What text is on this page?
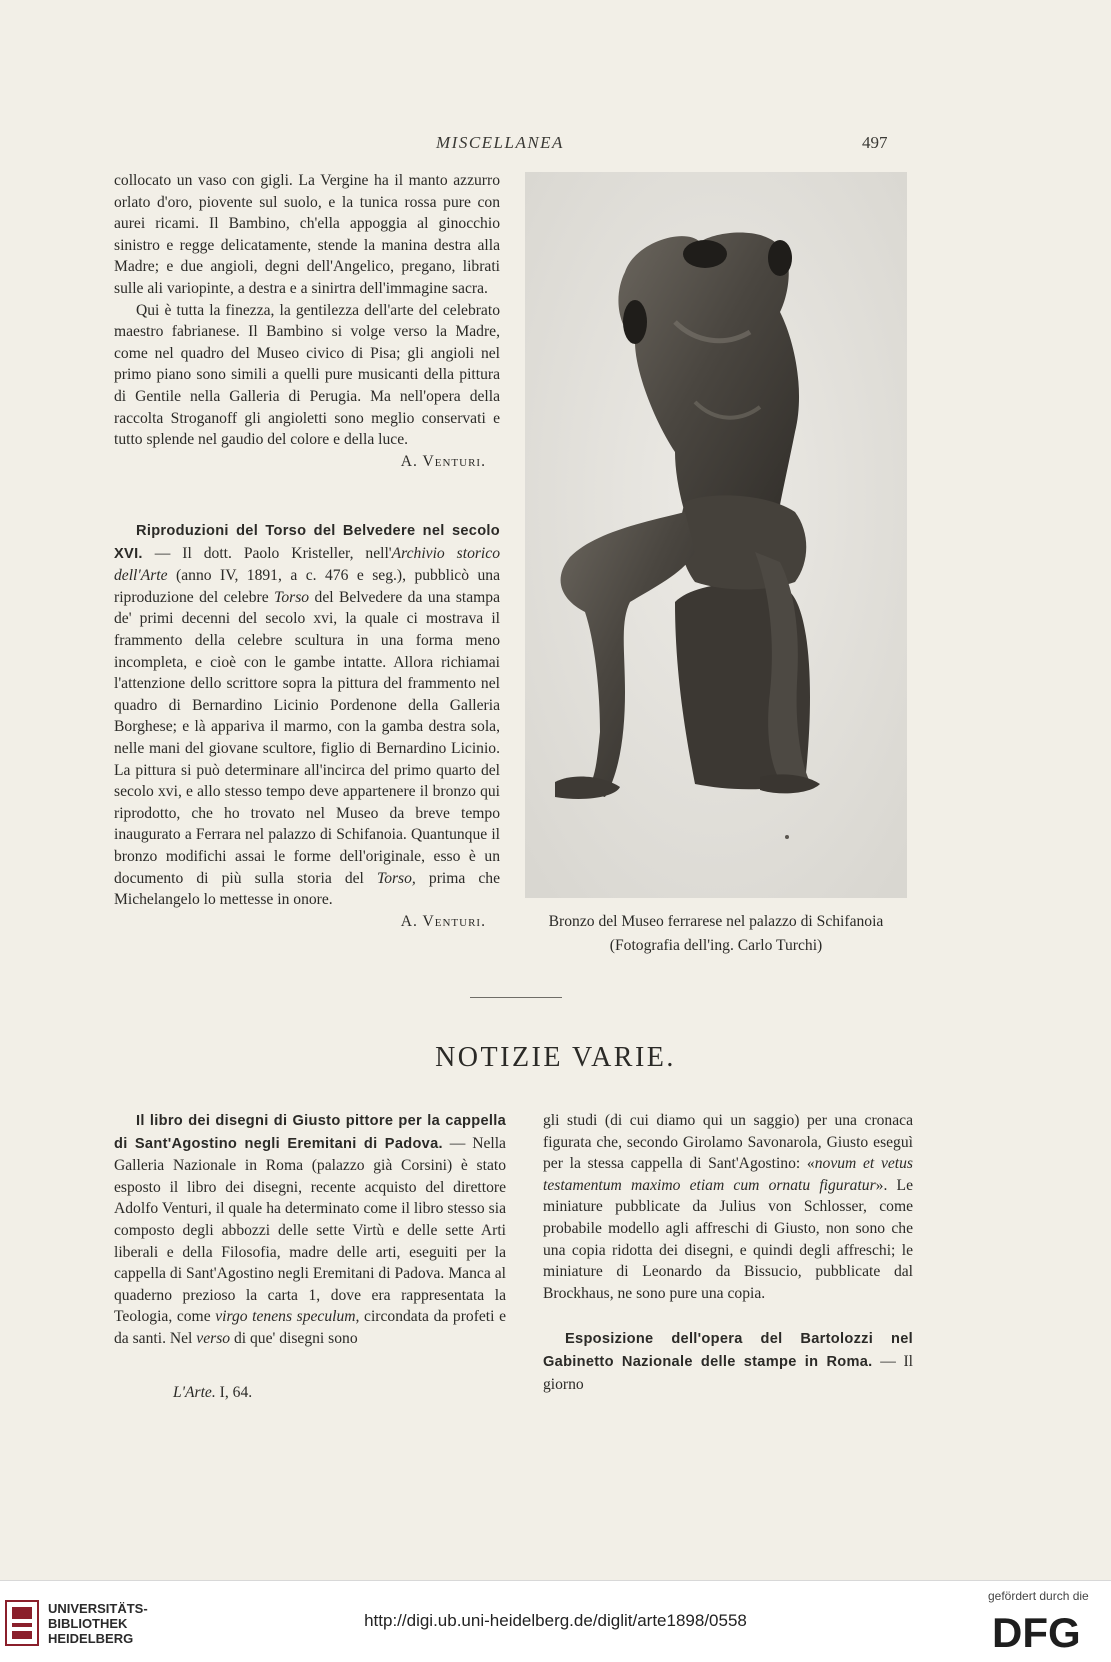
MISCELLANEA	497

collocato un vaso con gigli. La Vergine ha il manto azzurro orlato d'oro, piovente sul suolo, e la tunica rossa pure con aurei ricami. Il Bambino, ch'ella appoggia al ginocchio sinistro e regge delicatamente, stende la manina destra alla Madre; e due angioli, degni dell'Angelico, pregano, librati sulle ali variopinte, a destra e a sinirtra dell'immagine sacra.

Qui è tutta la finezza, la gentilezza dell'arte del celebrato maestro fabrianese. Il Bambino si volge verso la Madre, come nel quadro del Museo civico di Pisa; gli angioli nel primo piano sono simili a quelli pure musicanti della pittura di Gentile nella Galleria di Perugia. Ma nell'opera della raccolta Stroganoff gli angioletti sono meglio conservati e tutto splende nel gaudio del colore e della luce.

A. Venturi.

Riproduzioni del Torso del Belvedere nel secolo XVI. — Il dott. Paolo Kristeller, nell'Archivio storico dell'Arte (anno IV, 1891, a c. 476 e seg.), pubblicò una riproduzione del celebre Torso del Belvedere da una stampa de' primi decenni del secolo xvi, la quale ci mostrava il frammento della celebre scultura in una forma meno incompleta, e cioè con le gambe intatte. Allora richiamai l'attenzione dello scrittore sopra la pittura del frammento nel quadro di Bernardino Licinio Pordenone della Galleria Borghese; e là appariva il marmo, con la gamba destra sola, nelle mani del giovane scultore, figlio di Bernardino Licinio. La pittura si può determinare all'incirca del primo quarto del secolo xvi, e allo stesso tempo deve appartenere il bronzo qui riprodotto, che ho trovato nel Museo da breve tempo inaugurato a Ferrara nel palazzo di Schifanoia. Quantunque il bronzo modifichi assai le forme dell'originale, esso è un documento di più sulla storia del Torso, prima che Michelangelo lo mettesse in onore.

A. Venturi.	Bronzo del Museo ferrarese nel palazzo di Schifanoia

(Fotografia dell'ing. Carlo Turchi)

NOTIZIE VARIE.

Il libro dei disegni di Giusto pittore per la cappella di Sant'Agostino negli Eremitani di Padova. — Nella Galleria Nazionale in Roma (palazzo già Corsini) è stato esposto il libro dei disegni, recente acquisto del direttore Adolfo Venturi, il quale ha determinato come il libro stesso sia composto degli abbozzi delle sette Virtù e delle sette Arti liberali e della Filosofia, madre delle arti, eseguiti per la cappella di Sant'Agostino negli Eremitani di Padova. Manca al quaderno prezioso la carta 1, dove era rappresentata la Teologia, come virgo tenens speculum, circondata da profeti e da santi. Nel verso di que' disegni sono

gli studi (di cui diamo qui un saggio) per una cronaca figurata che, secondo Girolamo Savonarola, Giusto eseguì per la stessa cappella di Sant'Agostino: «novum et vetus testamentum maximo etiam cum ornatu figuratur». Le miniature pubblicate da Julius von Schlosser, come probabile modello agli affreschi di Giusto, non sono che una copia ridotta dei disegni, e quindi degli affreschi; le miniature di Leonardo da Bissucio, pubblicate dal Brockhaus, ne sono pure una copia.

Esposizione dell'opera del Bartolozzi nel Gabinetto Nazionale delle stampe in Roma. — Il giorno

L'Arte. I, 64.
UNIVERSITÄTS-
BIBLIOTHEK
HEIDELBERG
http://digi.ub.uni-heidelberg.de/diglit/arte1898/0558
gefördert durch die
DFG
